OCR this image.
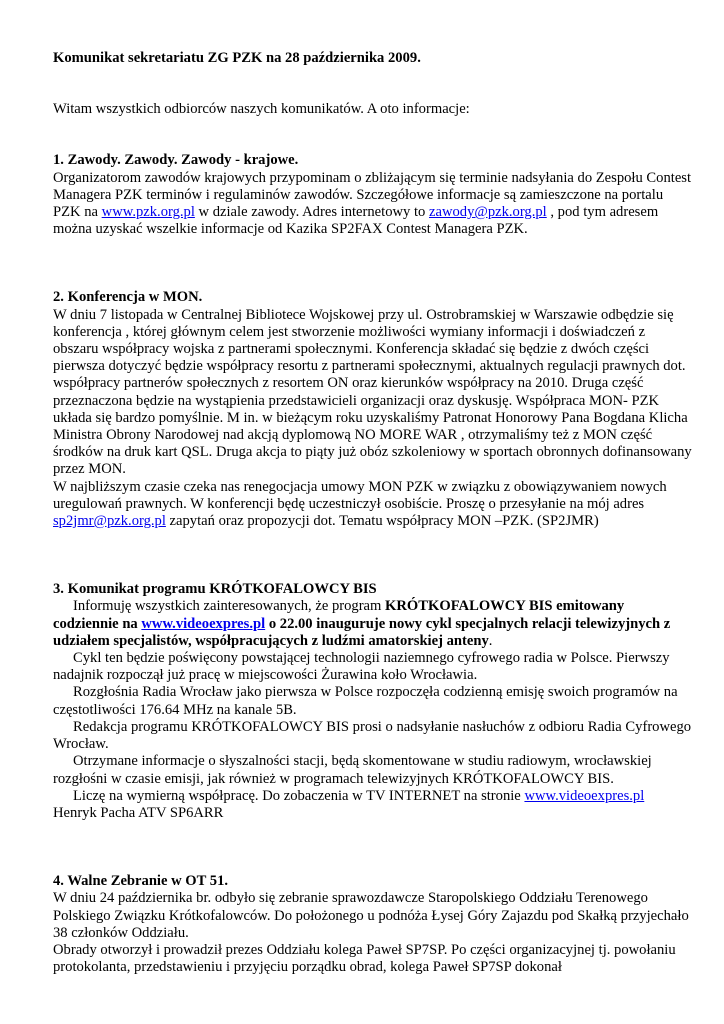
Komunikat sekretariatu ZG PZK na 28 października 2009.

Witam wszystkich odbiorców naszych komunikatów. A oto informacje:

1. Zawody. Zawody. Zawody - krajowe.

Organizatorom zawodów krajowych przypominam o zbliżającym się terminie nadsyłania do Zespołu Contest Managera PZK terminów i regulaminów zawodów. Szczegółowe informacje są zamieszczone na portalu PZK na www.pzk.org.pl w dziale zawody. Adres internetowy to zawody@pzk.org.pl , pod tym adresem można uzyskać wszelkie informacje od Kazika SP2FAX Contest Managera PZK.

2. Konferencja w MON.

W dniu 7 listopada w Centralnej Bibliotece Wojskowej przy ul. Ostrobramskiej w Warszawie odbędzie się konferencja , której głównym celem jest stworzenie możliwości wymiany informacji i doświadczeń z obszaru współpracy wojska z partnerami społecznymi. Konferencja składać się będzie z dwóch części pierwsza dotyczyć będzie współpracy resortu z partnerami społecznymi, aktualnych regulacji prawnych dot. współpracy partnerów społecznych z resortem ON oraz kierunków współpracy na 2010. Druga część przeznaczona będzie na wystąpienia przedstawicieli organizacji oraz dyskusję. Współpraca MON- PZK układa się bardzo pomyślnie. M in. w bieżącym roku uzyskaliśmy Patronat Honorowy Pana Bogdana Klicha Ministra Obrony Narodowej nad akcją dyplomową NO MORE WAR , otrzymaliśmy też z MON część środków na druk kart QSL. Druga akcja to piąty już obóz szkoleniowy w sportach obronnych dofinansowany przez MON.

W najbliższym czasie czeka nas renegocjacja umowy MON PZK w związku z obowiązywaniem nowych uregulowań prawnych. W konferencji będę uczestniczył osobiście. Proszę o przesyłanie na mój adres sp2jmr@pzk.org.pl zapytań oraz propozycji dot. Tematu współpracy MON –PZK. (SP2JMR)

3. Komunikat programu KRÓTKOFALOWCY BIS

Informuję wszystkich zainteresowanych, że program KRÓTKOFALOWCY BIS emitowany codziennie na www.videoexpres.pl o 22.00 inauguruje nowy cykl specjalnych relacji telewizyjnych z udziałem specjalistów, współpracujących z ludźmi amatorskiej anteny.

Cykl ten będzie poświęcony powstającej technologii naziemnego cyfrowego radia w Polsce. Pierwszy nadajnik rozpoczął już pracę w miejscowości Żurawina koło Wrocławia.

Rozgłośnia Radia Wrocław jako pierwsza w Polsce rozpoczęła codzienną emisję swoich programów na częstotliwości 176.64 MHz na kanale 5B.

Redakcja programu KRÓTKOFALOWCY BIS prosi o nadsyłanie nasłuchów z odbioru Radia Cyfrowego Wrocław.

Otrzymane informacje o słyszalności stacji, będą skomentowane w studiu radiowym, wrocławskiej rozgłośni w czasie emisji, jak również w programach telewizyjnych KRÓTKOFALOWCY BIS.

Liczę na wymierną współpracę. Do zobaczenia w TV INTERNET na stronie www.videoexpres.pl

Henryk Pacha ATV SP6ARR

4. Walne Zebranie w OT 51.

W dniu 24 października br. odbyło się zebranie sprawozdawcze Staropolskiego Oddziału Terenowego Polskiego Związku Krótkofalowców. Do położonego u podnóża Łysej Góry Zajazdu pod Skałką przyjechało 38 członków Oddziału.

Obrady otworzył i prowadził prezes Oddziału kolega Paweł SP7SP. Po części organizacyjnej tj. powołaniu protokolanta, przedstawieniu i przyjęciu porządku obrad, kolega Paweł SP7SP dokonał
